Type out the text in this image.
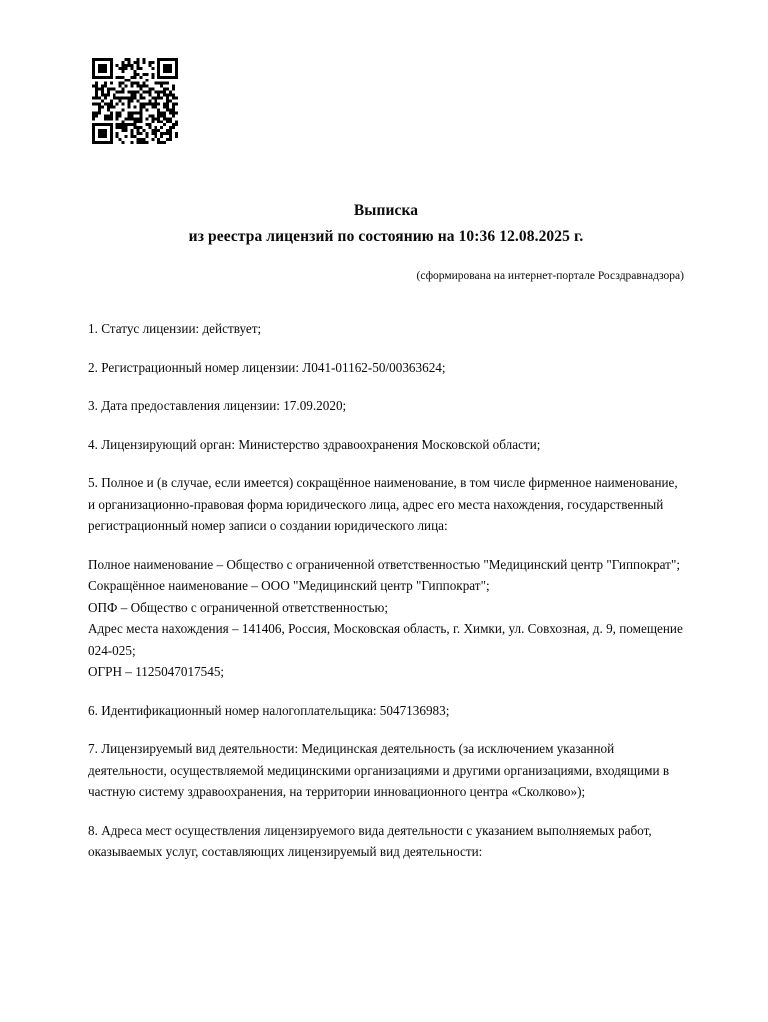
Выписка
из реестра лицензий по состоянию на 10:36 12.08.2025 г.
(сформирована на интернет-портале Росздравнадзора)

1. Статус лицензии: действует;

2. Регистрационный номер лицензии: Л041-01162-50/00363624;

3. Дата предоставления лицензии: 17.09.2020;

4. Лицензирующий орган: Министерство здравоохранения Московской области;

5. Полное и (в случае, если имеется) сокращённое наименование, в том числе фирменное наименование, и организационно-правовая форма юридического лица, адрес его места нахождения, государственный регистрационный номер записи о создании юридического лица:

Полное наименование – Общество с ограниченной ответственностью "Медицинский центр "Гиппократ";

Сокращённое наименование – ООО "Медицинский центр "Гиппократ";

ОПФ – Общество с ограниченной ответственностью;

Адрес места нахождения – 141406, Россия, Московская область, г. Химки, ул. Совхозная, д. 9, помещение 024-025;

ОГРН – 1125047017545;

6. Идентификационный номер налогоплательщика: 5047136983;

7. Лицензируемый вид деятельности: Медицинская деятельность (за исключением указанной деятельности, осуществляемой медицинскими организациями и другими организациями, входящими в частную систему здравоохранения, на территории инновационного центра «Сколково»);

8. Адреса мест осуществления лицензируемого вида деятельности с указанием выполняемых работ, оказываемых услуг, составляющих лицензируемый вид деятельности:
